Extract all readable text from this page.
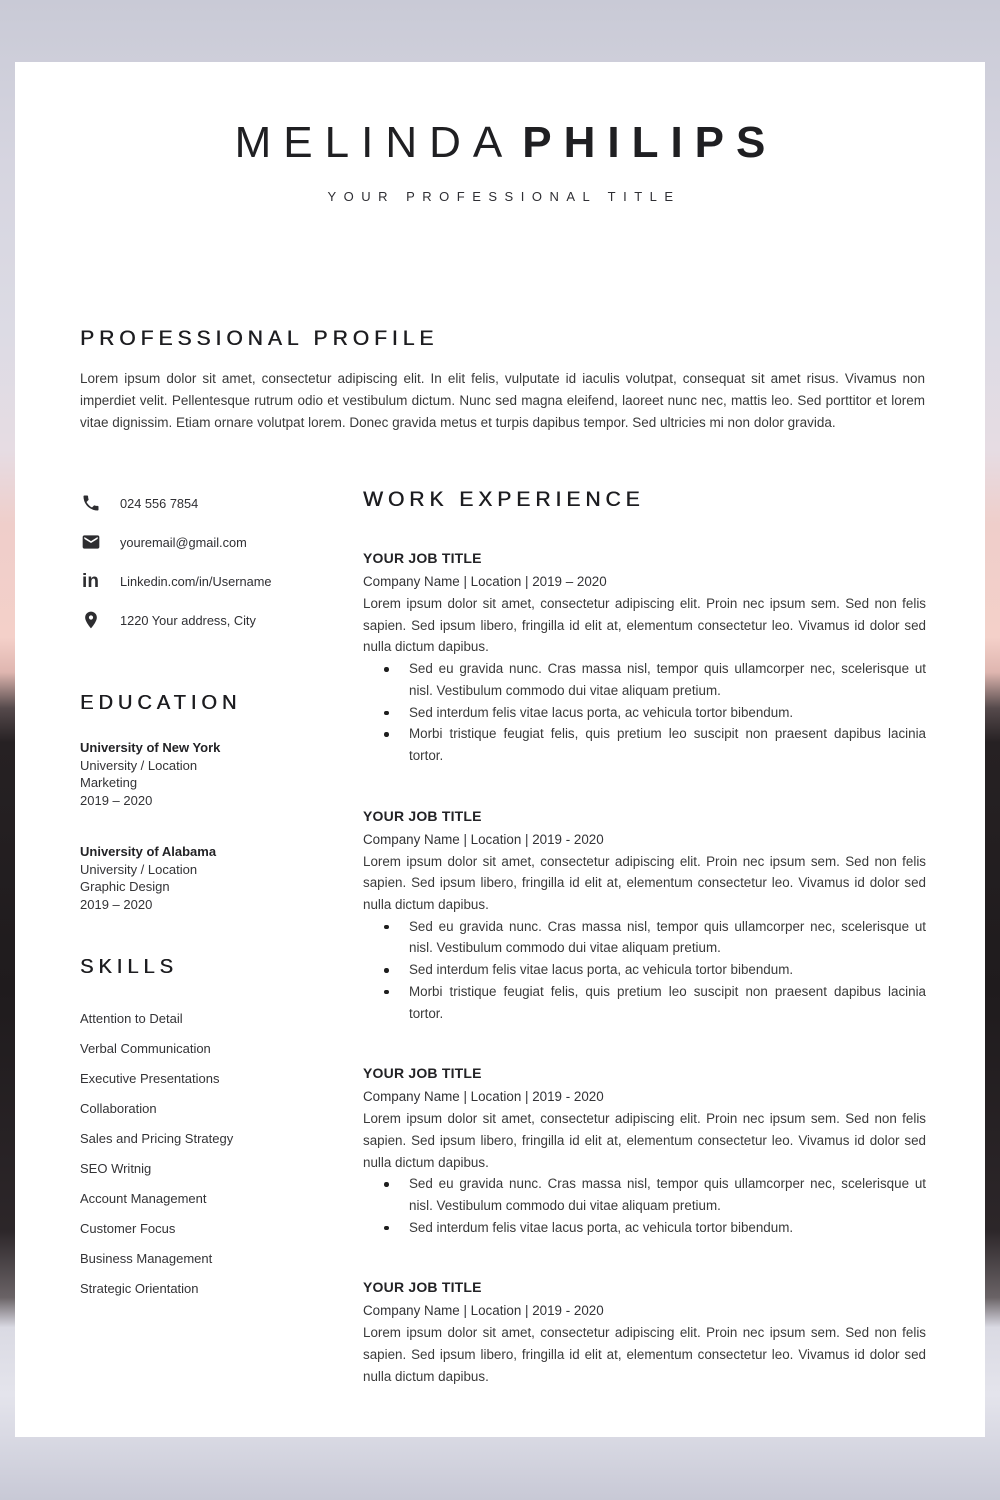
MELINDA PHILIPS
YOUR PROFESSIONAL TITLE
PROFESSIONAL PROFILE

Lorem ipsum dolor sit amet, consectetur adipiscing elit. In elit felis, vulputate id iaculis volutpat, consequat sit amet risus. Vivamus non imperdiet velit. Pellentesque rutrum odio et vestibulum dictum. Nunc sed magna eleifend, laoreet nunc nec, mattis leo. Sed porttitor et lorem vitae dignissim. Etiam ornare volutpat lorem. Donec gravida metus et turpis dapibus tempor. Sed ultricies mi non dolor gravida.

024 556 7854
youremail@gmail.com
in Linkedin.com/in/Username
1220 Your address, City
EDUCATION
University of New York
University / Location
Marketing
2019 – 2020
University of Alabama
University / Location
Graphic Design
2019 – 2020
SKILLS
Attention to Detail
Verbal Communication
Executive Presentations
Collaboration
Sales and Pricing Strategy
SEO Writnig
Account Management
Customer Focus
Business Management
Strategic Orientation
WORK EXPERIENCE
YOUR JOB TITLE
Company Name | Location | 2019 – 2020

Lorem ipsum dolor sit amet, consectetur adipiscing elit. Proin nec ipsum sem. Sed non felis sapien. Sed ipsum libero, fringilla id elit at, elementum consectetur leo. Vivamus id dolor sed nulla dictum dapibus.

Sed eu gravida nunc. Cras massa nisl, tempor quis ullamcorper nec, scelerisque ut nisl. Vestibulum commodo dui vitae aliquam pretium.
Sed interdum felis vitae lacus porta, ac vehicula tortor bibendum.
Morbi tristique feugiat felis, quis pretium leo suscipit non praesent dapibus lacinia tortor.
YOUR JOB TITLE
Company Name | Location | 2019 - 2020

Lorem ipsum dolor sit amet, consectetur adipiscing elit. Proin nec ipsum sem. Sed non felis sapien. Sed ipsum libero, fringilla id elit at, elementum consectetur leo. Vivamus id dolor sed nulla dictum dapibus.

Sed eu gravida nunc. Cras massa nisl, tempor quis ullamcorper nec, scelerisque ut nisl. Vestibulum commodo dui vitae aliquam pretium.
Sed interdum felis vitae lacus porta, ac vehicula tortor bibendum.
Morbi tristique feugiat felis, quis pretium leo suscipit non praesent dapibus lacinia tortor.
YOUR JOB TITLE
Company Name | Location | 2019 - 2020

Lorem ipsum dolor sit amet, consectetur adipiscing elit. Proin nec ipsum sem. Sed non felis sapien. Sed ipsum libero, fringilla id elit at, elementum consectetur leo. Vivamus id dolor sed nulla dictum dapibus.

Sed eu gravida nunc. Cras massa nisl, tempor quis ullamcorper nec, scelerisque ut nisl. Vestibulum commodo dui vitae aliquam pretium.
Sed interdum felis vitae lacus porta, ac vehicula tortor bibendum.
YOUR JOB TITLE
Company Name | Location | 2019 - 2020

Lorem ipsum dolor sit amet, consectetur adipiscing elit. Proin nec ipsum sem. Sed non felis sapien. Sed ipsum libero, fringilla id elit at, elementum consectetur leo. Vivamus id dolor sed nulla dictum dapibus.
